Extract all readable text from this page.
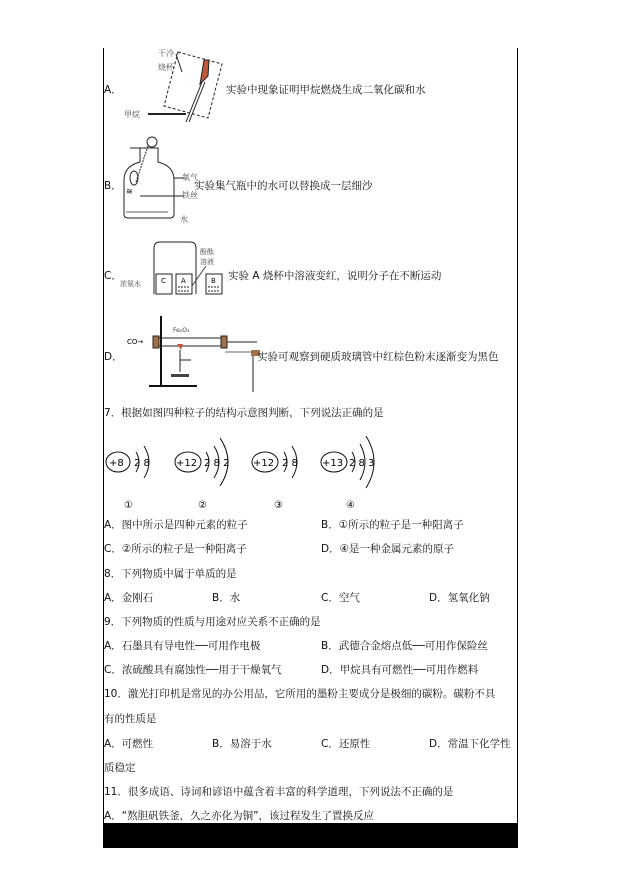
A．
干冷
烧杯
甲烷
实验中现象证明甲烷燃烧生成二氧化碳和水
B． ≋
氧气
铁丝
水
实验集气瓶中的水可以替换成一层细沙
C．	C A	B
酚酞
溶液
浓氨水
实验 A 烧杯中溶液变红，说明分子在不断运动
D．
CO→
Fe₂O₃
实验可观察到硬质玻璃管中红棕色粉末逐渐变为黑色
7．根据如图四种粒子的结构示意图判断，下列说法正确的是
+8 2 8
①
+12 2 8 2
②
+12 2 8
③
+13 2 8 3
④
A．图中所示是四种元素的粒子	B．①所示的粒子是一种阳离子
C．②所示的粒子是一种阳离子	D．④是一种金属元素的原子
8．下列物质中属于单质的是
A．金刚石	B．水	C．空气	D．氢氧化钠
9．下列物质的性质与用途对应关系不正确的是
A．石墨具有导电性──可用作电极	B．武德合金熔点低──可用作保险丝
C．浓硫酸具有腐蚀性──用于干燥氧气	D．甲烷具有可燃性──可用作燃料
10．激光打印机是常见的办公用品，它所用的墨粉主要成分是极细的碳粉。碳粉不具
有的性质是
A．可燃性	B．易溶于水	C．还原性	D．常温下化学性
质稳定
11．很多成语、诗词和谚语中蕴含着丰富的科学道理，下列说法不正确的是
A．“熬胆矾铁釜，久之亦化为铜”，该过程发生了置换反应
